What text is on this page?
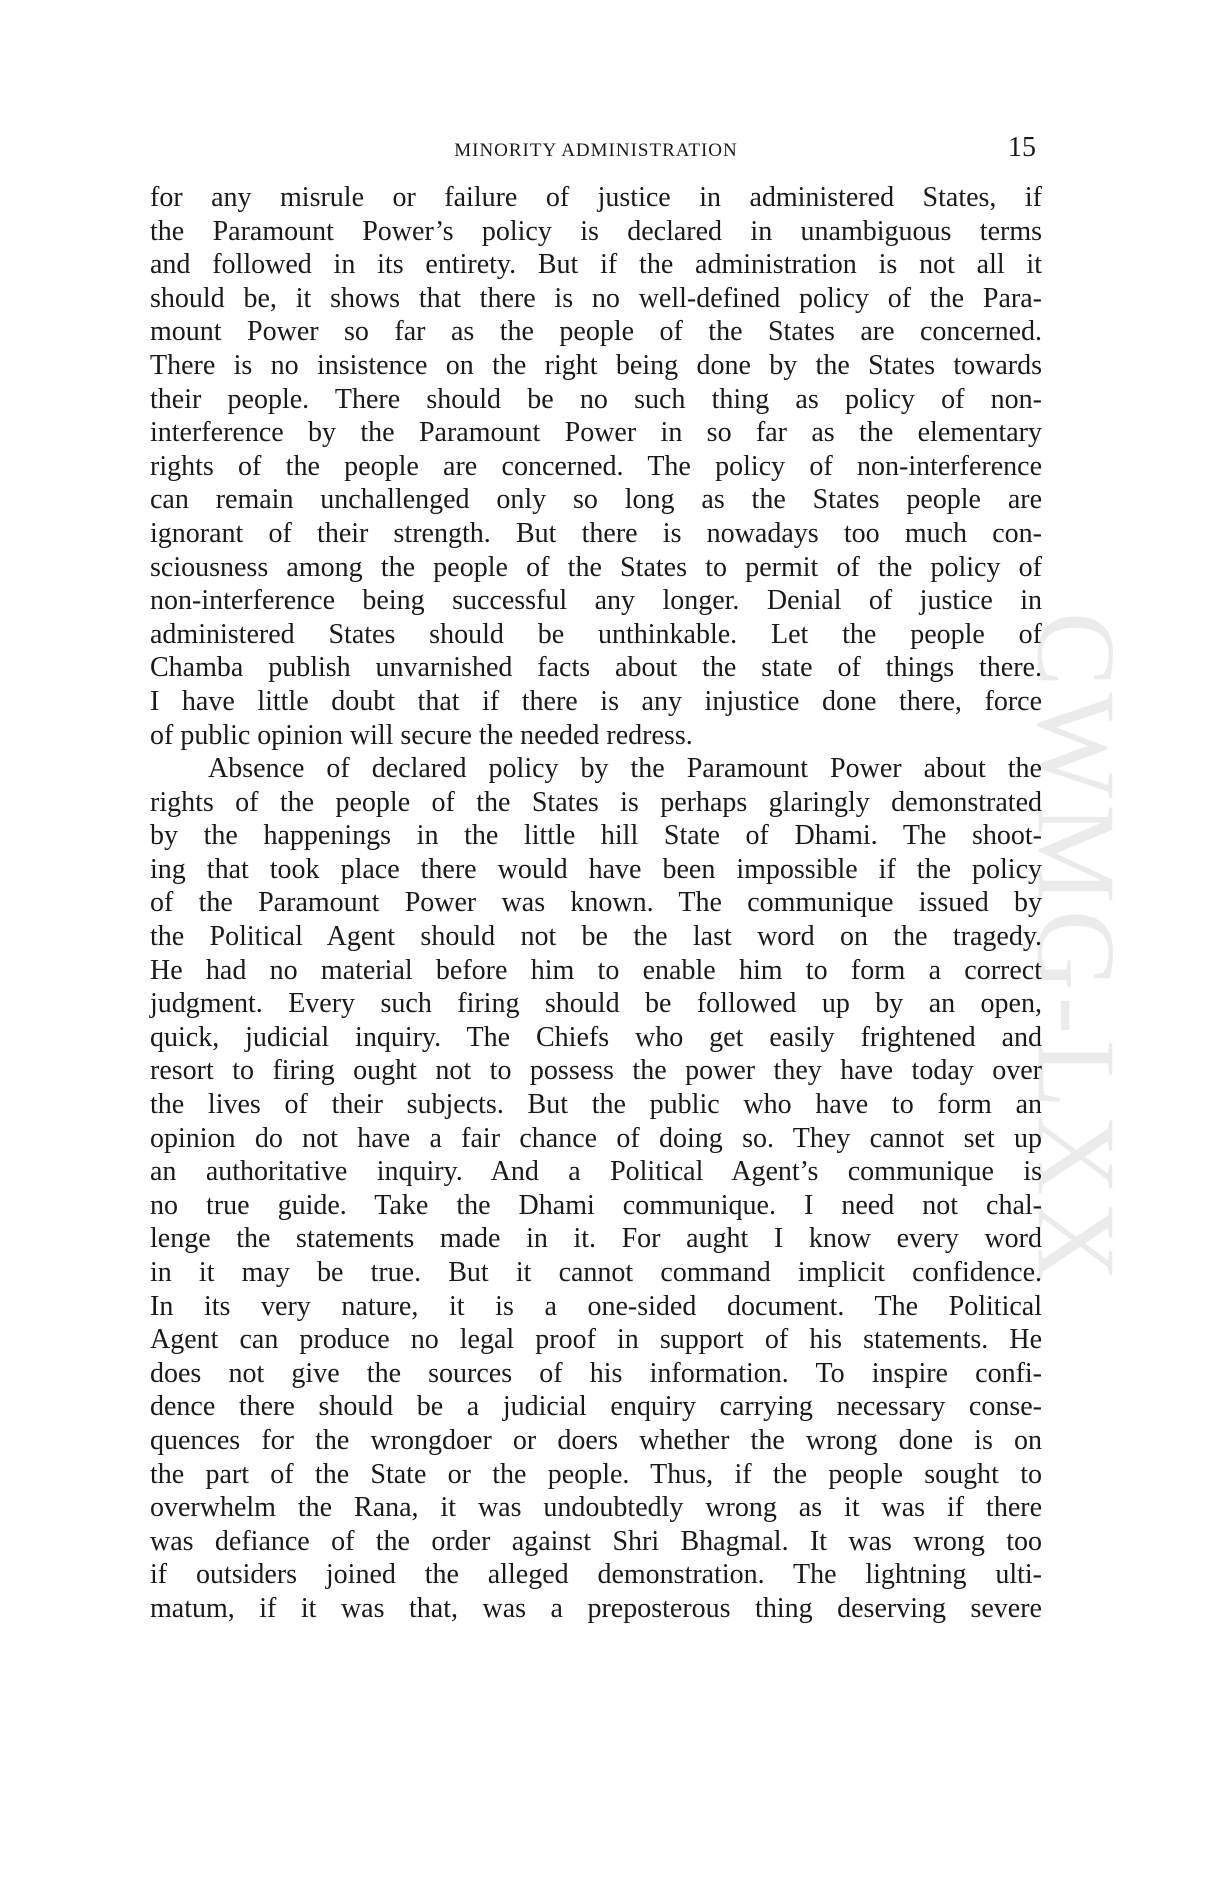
MINORITY ADMINISTRATION	15
CWMG-LXX
for any misrule or failure of justice in administered States, if
the Paramount Power’s policy is declared in unambiguous terms
and followed in its entirety. But if the administration is not all it
should be, it shows that there is no well-defined policy of the Para-
mount Power so far as the people of the States are concerned.
There is no insistence on the right being done by the States towards
their people. There should be no such thing as policy of non-
interference by the Paramount Power in so far as the elementary
rights of the people are concerned. The policy of non-interference
can remain unchallenged only so long as the States people are
ignorant of their strength. But there is nowadays too much con-
sciousness among the people of the States to permit of the policy of
non-interference being successful any longer. Denial of justice in
administered States should be unthinkable. Let the people of
Chamba publish unvarnished facts about the state of things there.
I have little doubt that if there is any injustice done there, force
of public opinion will secure the needed redress.
Absence of declared policy by the Paramount Power about the
rights of the people of the States is perhaps glaringly demonstrated
by the happenings in the little hill State of Dhami. The shoot-
ing that took place there would have been impossible if the policy
of the Paramount Power was known. The communique issued by
the Political Agent should not be the last word on the tragedy.
He had no material before him to enable him to form a correct
judgment. Every such firing should be followed up by an open,
quick, judicial inquiry. The Chiefs who get easily frightened and
resort to firing ought not to possess the power they have today over
the lives of their subjects. But the public who have to form an
opinion do not have a fair chance of doing so. They cannot set up
an authoritative inquiry. And a Political Agent’s communique is
no true guide. Take the Dhami communique. I need not chal-
lenge the statements made in it. For aught I know every word
in it may be true. But it cannot command implicit confidence.
In its very nature, it is a one-sided document. The Political
Agent can produce no legal proof in support of his statements. He
does not give the sources of his information. To inspire confi-
dence there should be a judicial enquiry carrying necessary conse-
quences for the wrongdoer or doers whether the wrong done is on
the part of the State or the people. Thus, if the people sought to
overwhelm the Rana, it was undoubtedly wrong as it was if there
was defiance of the order against Shri Bhagmal. It was wrong too
if outsiders joined the alleged demonstration. The lightning ulti-
matum, if it was that, was a preposterous thing deserving severe
